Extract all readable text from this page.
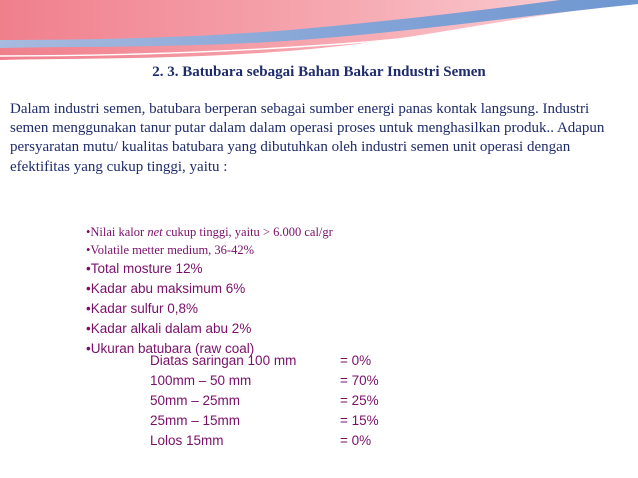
2. 3. Batubara sebagai Bahan Bakar Industri Semen
Dalam industri semen, batubara berperan sebagai sumber energi panas kontak langsung. Industri semen menggunakan tanur putar dalam dalam operasi proses untuk menghasilkan produk.. Adapun persyaratan mutu/ kualitas batubara yang dibutuhkan oleh industri semen unit operasi dengan efektifitas yang cukup tinggi, yaitu :
•Nilai kalor net cukup tinggi, yaitu > 6.000 cal/gr
•Volatile metter medium, 36-42%
•Total mosture 12%
•Kadar abu maksimum 6%
•Kadar sulfur 0,8%
•Kadar alkali dalam abu 2%
•Ukuran batubara (raw coal)
Diatas saringan 100 mm	= 0%
100mm – 50 mm	= 70%
50mm – 25mm	= 25%
25mm – 15mm	= 15%
Lolos 15mm	= 0%
